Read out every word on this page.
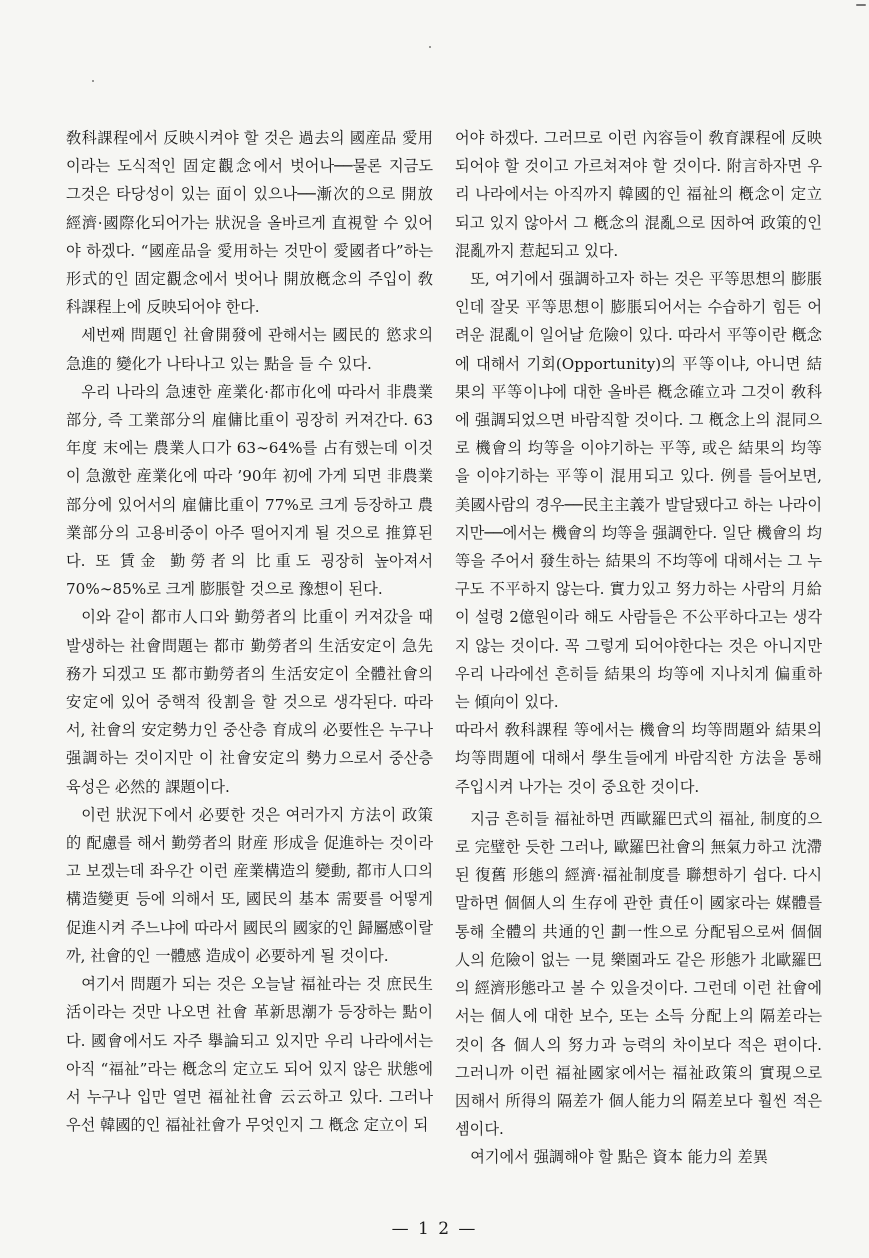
敎科課程에서 反映시켜야 할 것은 過去의 國産品 愛用이라는 도식적인 固定觀念에서 벗어나──물론 지금도 그것은 타당성이 있는 面이 있으나──漸次的으로 開放經濟·國際化되어가는 狀況을 올바르게 直視할 수 있어야 하겠다. “國産品을 愛用하는 것만이 愛國者다”하는 形式的인 固定觀念에서 벗어나 開放槪念의 주입이 敎科課程上에 反映되어야 한다.

세번째 問題인 社會開發에 관해서는 國民的 慾求의 急進的 變化가 나타나고 있는 點을 들 수 있다.

우리 나라의 急速한 産業化·都市化에 따라서 非農業部分, 즉 工業部分의 雇傭比重이 굉장히 커져간다. 63年度 末에는 農業人口가 63∼64%를 占有했는데 이것이 急激한 産業化에 따라 ’90年 初에 가게 되면 非農業部分에 있어서의 雇傭比重이 77%로 크게 등장하고 農業部分의 고용비중이 아주 떨어지게 될 것으로 推算된다. 또 賃金 勤勞者의 比重도 굉장히 높아져서 70%∼85%로 크게 膨脹할 것으로 豫想이 된다.

이와 같이 都市人口와 勤勞者의 比重이 커져갔을 때 발생하는 社會問題는 都市 勤勞者의 生活安定이 急先務가 되겠고 또 都市勤勞者의 生活安定이 全體社會의 安定에 있어 중핵적 役割을 할 것으로 생각된다. 따라서, 社會의 安定勢力인 중산층 育成의 必要性은 누구나 强調하는 것이지만 이 社會安定의 勢力으로서 중산층 육성은 必然的 課題이다.

이런 狀況下에서 必要한 것은 여러가지 方法이 政策的 配慮를 해서 勤勞者의 財産 形成을 促進하는 것이라고 보겠는데 좌우간 이런 産業構造의 變動, 都市人口의 構造變更 등에 의해서 또, 國民의 基本 需要를 어떻게 促進시켜 주느냐에 따라서 國民의 國家的인 歸屬感이랄까, 社會的인 一體感 造成이 必要하게 될 것이다.

여기서 問題가 되는 것은 오늘날 福祉라는 것 庶民生活이라는 것만 나오면 社會 革新思潮가 등장하는 點이다. 國會에서도 자주 擧論되고 있지만 우리 나라에서는 아직 “福祉”라는 槪念의 定立도 되어 있지 않은 狀態에서 누구나 입만 열면 福祉社會 云云하고 있다. 그러나 우선 韓國的인 福祉社會가 무엇인지 그 槪念 定立이 되

어야 하겠다. 그러므로 이런 內容들이 敎育課程에 反映되어야 할 것이고 가르쳐져야 할 것이다. 附言하자면 우리 나라에서는 아직까지 韓國的인 福祉의 槪念이 定立되고 있지 않아서 그 槪念의 混亂으로 因하여 政策的인 混亂까지 惹起되고 있다.

또, 여기에서 强調하고자 하는 것은 平等思想의 膨脹인데 잘못 平等思想이 膨脹되어서는 수습하기 힘든 어려운 混亂이 일어날 危險이 있다. 따라서 平等이란 槪念에 대해서 기회(Opportunity)의 平等이냐, 아니면 結果의 平等이냐에 대한 올바른 槪念確立과 그것이 敎科에 强調되었으면 바람직할 것이다. 그 槪念上의 混同으로 機會의 均等을 이야기하는 平等, 或은 結果의 均等을 이야기하는 平等이 混用되고 있다. 例를 들어보면, 美國사람의 경우──民主主義가 발달됐다고 하는 나라이지만──에서는 機會의 均等을 强調한다. 일단 機會의 均等을 주어서 發生하는 結果의 不均等에 대해서는 그 누구도 不平하지 않는다. 實力있고 努力하는 사람의 月給이 설령 2億원이라 해도 사람들은 不公平하다고는 생각지 않는 것이다. 꼭 그렇게 되어야한다는 것은 아니지만 우리 나라에선 흔히들 結果의 均等에 지나치게 偏重하는 傾向이 있다.

따라서 敎科課程 等에서는 機會의 均等問題와 結果의 均等問題에 대해서 學生들에게 바람직한 方法을 통해 주입시켜 나가는 것이 중요한 것이다.

지금 흔히들 福祉하면 西歐羅巴式의 福祉, 制度的으로 完璧한 듯한 그러나, 歐羅巴社會의 無氣力하고 沈滯된 復舊 形態의 經濟·福祉制度를 聯想하기 쉽다. 다시 말하면 個個人의 生存에 관한 責任이 國家라는 媒體를 통해 全體의 共通的인 劃一性으로 分配됨으로써 個個人의 危險이 없는 一見 樂園과도 같은 形態가 北歐羅巴의 經濟形態라고 볼 수 있을것이다. 그런데 이런 社會에서는 個人에 대한 보수, 또는 소득 分配上의 隔差라는 것이 各 個人의 努力과 능력의 차이보다 적은 편이다. 그러니까 이런 福祉國家에서는 福祉政策의 實現으로 因해서 所得의 隔差가 個人能力의 隔差보다 훨씬 적은 셈이다.

여기에서 强調해야 할 點은 資本 能力의 差異

— 1 2 —
